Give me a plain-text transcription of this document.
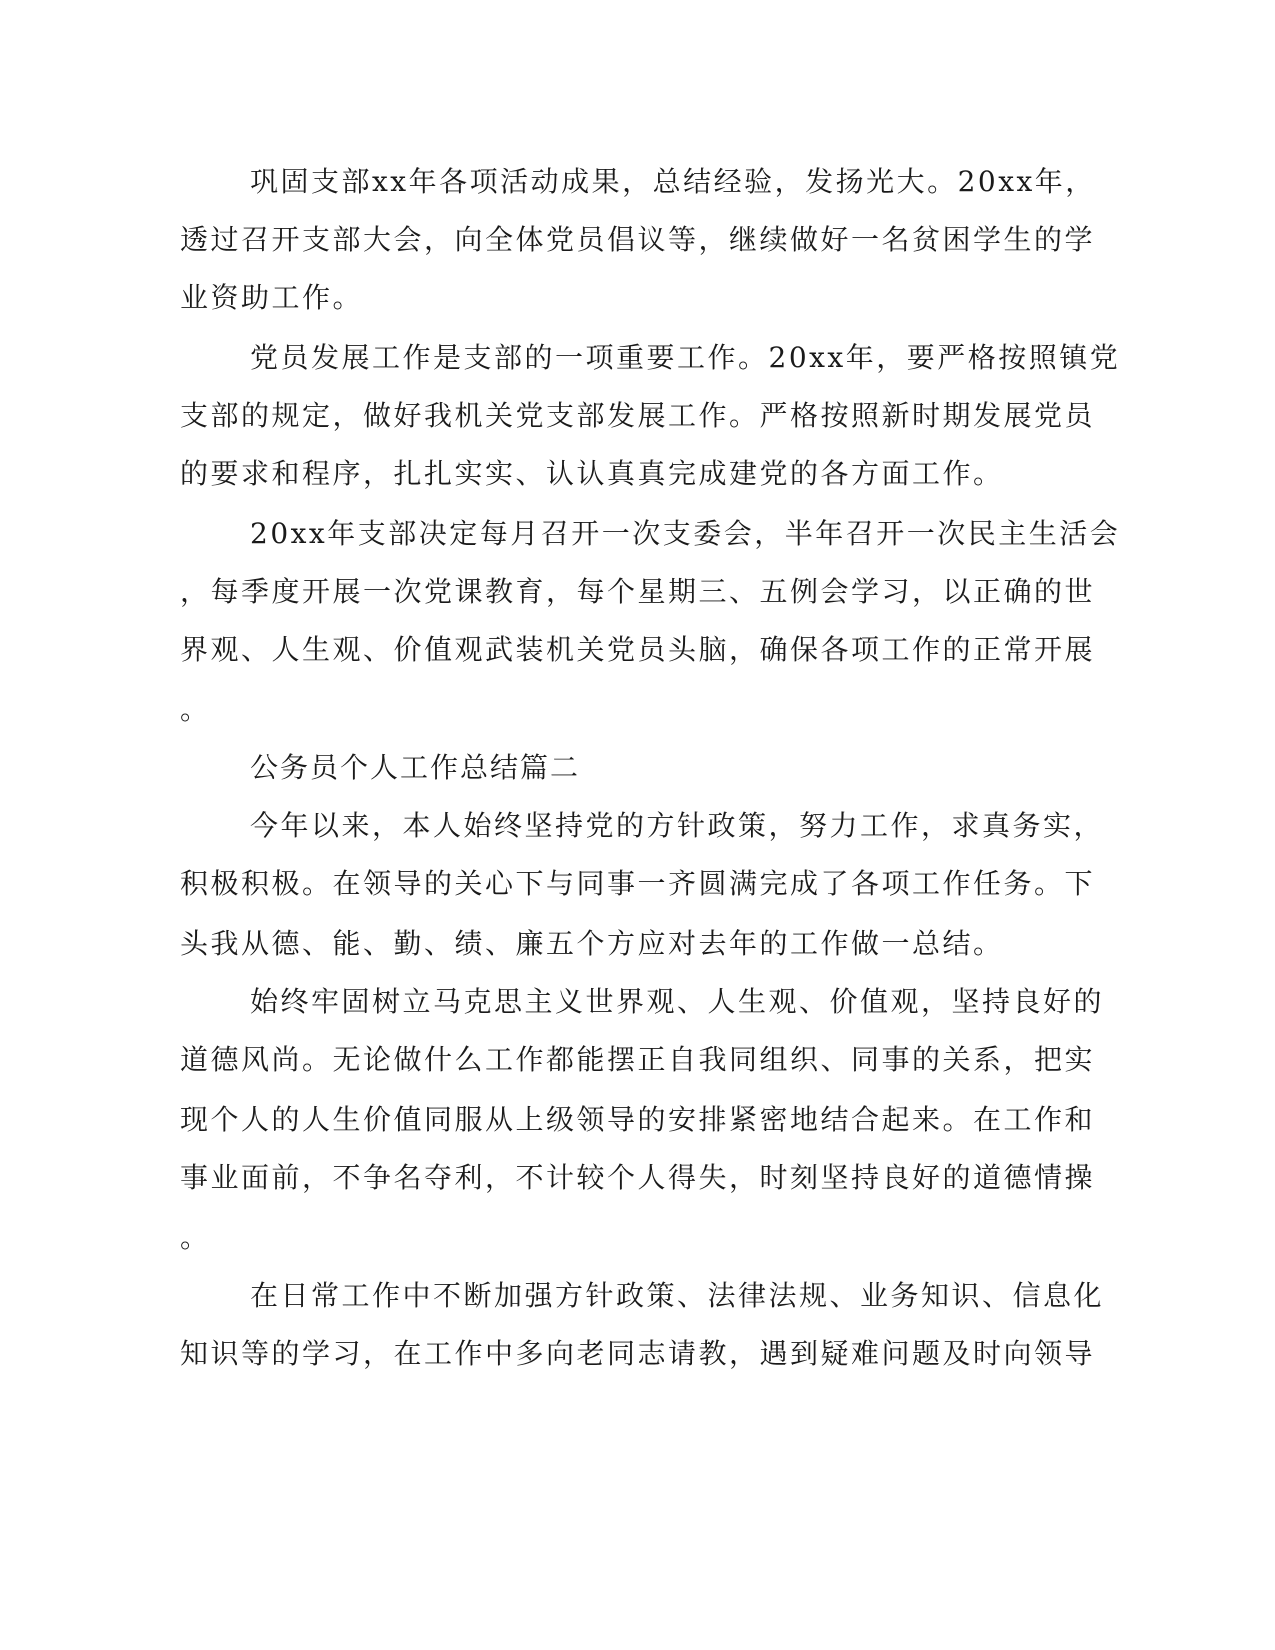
巩固支部xx年各项活动成果，总结经验，发扬光大。20xx年，
透过召开支部大会，向全体党员倡议等，继续做好一名贫困学生的学
业资助工作。
党员发展工作是支部的一项重要工作。20xx年，要严格按照镇党
支部的规定，做好我机关党支部发展工作。严格按照新时期发展党员
的要求和程序，扎扎实实、认认真真完成建党的各方面工作。
20xx年支部决定每月召开一次支委会，半年召开一次民主生活会
，每季度开展一次党课教育，每个星期三、五例会学习，以正确的世
界观、人生观、价值观武装机关党员头脑，确保各项工作的正常开展
。
公务员个人工作总结篇二
今年以来，本人始终坚持党的方针政策，努力工作，求真务实，
积极积极。在领导的关心下与同事一齐圆满完成了各项工作任务。下
头我从德、能、勤、绩、廉五个方应对去年的工作做一总结。
始终牢固树立马克思主义世界观、人生观、价值观，坚持良好的
道德风尚。无论做什么工作都能摆正自我同组织、同事的关系，把实
现个人的人生价值同服从上级领导的安排紧密地结合起来。在工作和
事业面前，不争名夺利，不计较个人得失，时刻坚持良好的道德情操
。
在日常工作中不断加强方针政策、法律法规、业务知识、信息化
知识等的学习，在工作中多向老同志请教，遇到疑难问题及时向领导
